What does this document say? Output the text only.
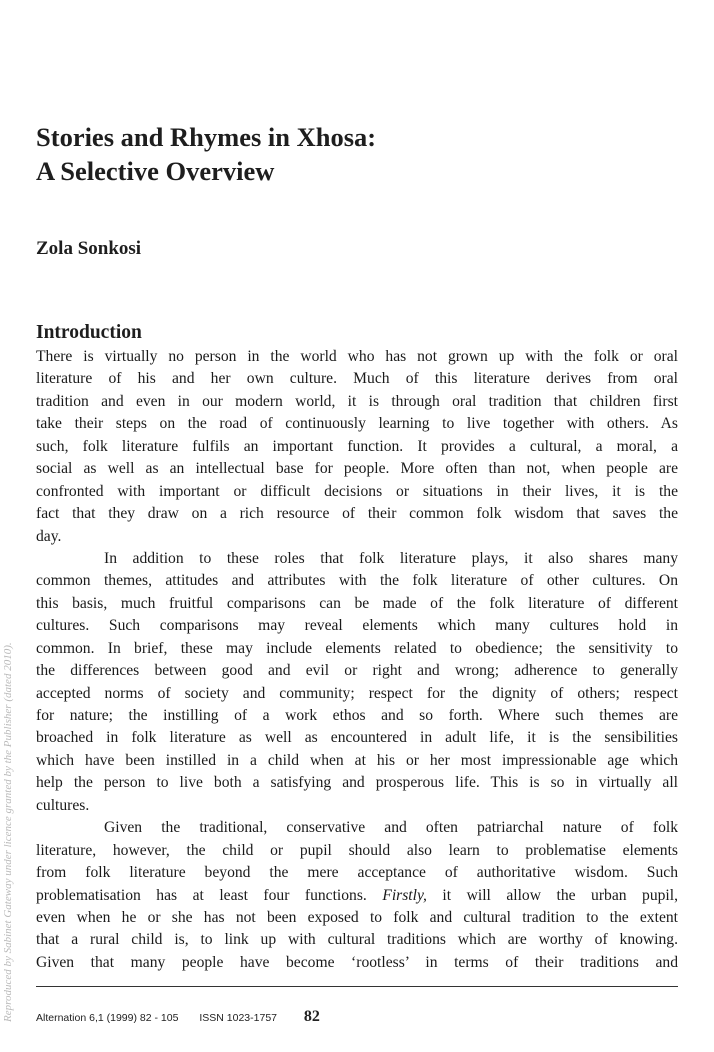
Stories and Rhymes in Xhosa:
A Selective Overview

Zola Sonkosi

Introduction
There is virtually no person in the world who has not grown up with the folk or oral
literature of his and her own culture. Much of this literature derives from oral
tradition and even in our modern world, it is through oral tradition that children first
take their steps on the road of continuously learning to live together with others. As
such, folk literature fulfils an important function. It provides a cultural, a moral, a
social as well as an intellectual base for people. More often than not, when people are
confronted with important or difficult decisions or situations in their lives, it is the
fact that they draw on a rich resource of their common folk wisdom that saves the
day.
In addition to these roles that folk literature plays, it also shares many
common themes, attitudes and attributes with the folk literature of other cultures. On
this basis, much fruitful comparisons can be made of the folk literature of different
cultures. Such comparisons may reveal elements which many cultures hold in
common. In brief, these may include elements related to obedience; the sensitivity to
the differences between good and evil or right and wrong; adherence to generally
accepted norms of society and community; respect for the dignity of others; respect
for nature; the instilling of a work ethos and so forth. Where such themes are
broached in folk literature as well as encountered in adult life, it is the sensibilities
which have been instilled in a child when at his or her most impressionable age which
help the person to live both a satisfying and prosperous life. This is so in virtually all
cultures.
Given the traditional, conservative and often patriarchal nature of folk
literature, however, the child or pupil should also learn to problematise elements
from folk literature beyond the mere acceptance of authoritative wisdom. Such
problematisation has at least four functions. Firstly, it will allow the urban pupil,
even when he or she has not been exposed to folk and cultural tradition to the extent
that a rural child is, to link up with cultural traditions which are worthy of knowing.
Given that many people have become ‘rootless’ in terms of their traditions and
Reproduced by Sabinet Gateway under licence granted by the Publisher (dated 2010). Alternation 6,1 (1999) 82 - 105 ISSN 1023-1757 82
